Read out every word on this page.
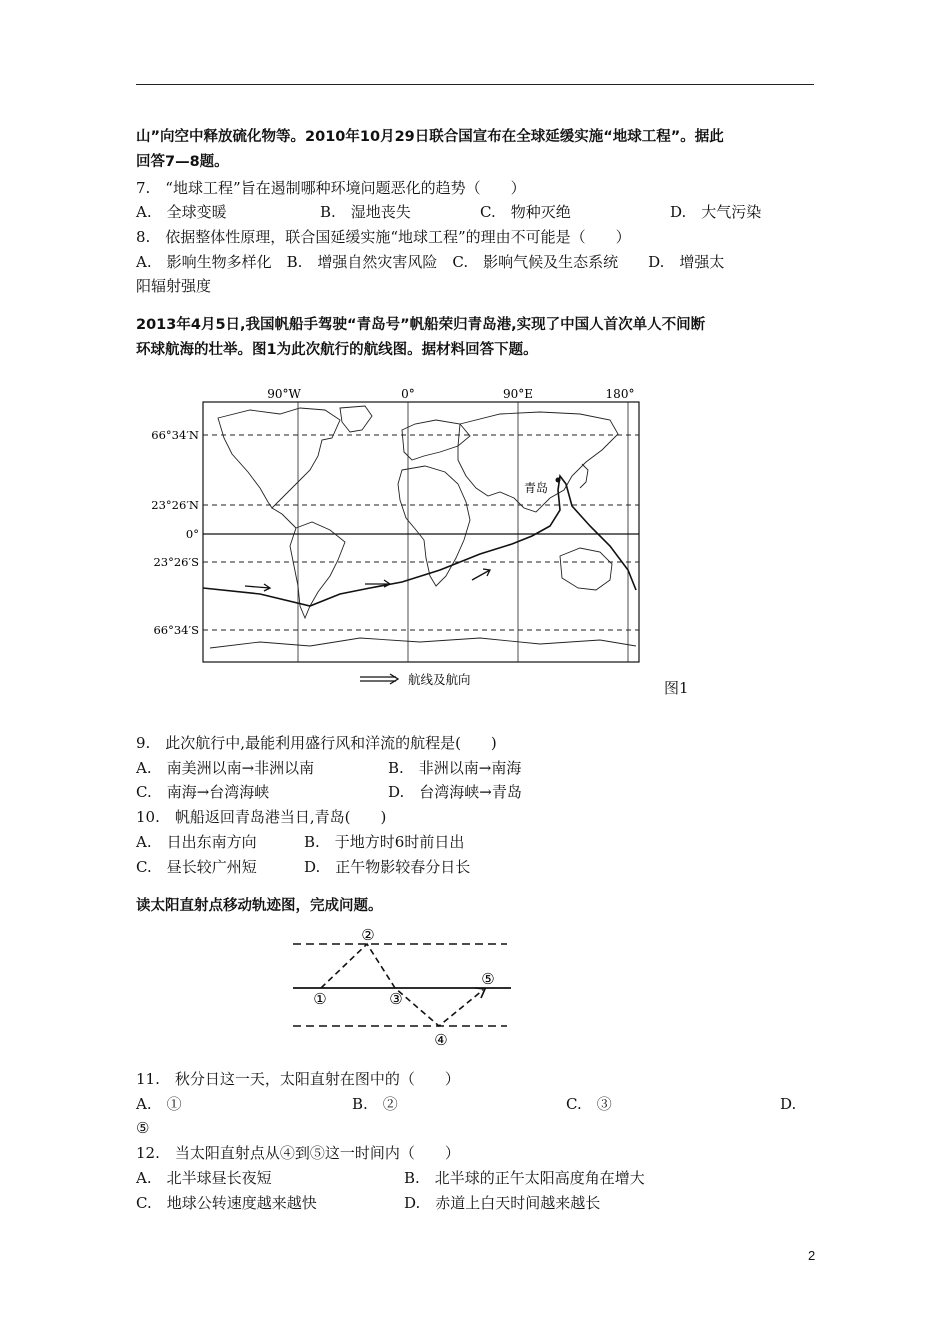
山”向空中释放硫化物等。2010年10月29日联合国宣布在全球延缓实施“地球工程”。据此
回答7—8题。
7.　“地球工程”旨在遏制哪种环境问题恶化的趋势（　　）
A.　全球变暖	B.　湿地丧失	C.　物种灭绝	D.　大气污染
8.　依据整体性原理，联合国延缓实施“地球工程”的理由不可能是（　　）
A.　影响生物多样化　B.　增强自然灾害风险　C.　影响气候及生态系统　　D.　增强太
阳辐射强度
2013年4月5日,我国帆船手驾驶“青岛号”帆船荣归青岛港,实现了中国人首次单人不间断
环球航海的壮举。图1为此次航行的航线图。据材料回答下题。
90°W	0°	90°E	180°
66°34′N
23°26′N
0°
23°26′S
66°34′S
青岛
航线及航向	图1
9.　此次航行中,最能利用盛行风和洋流的航程是(　　)
A.　南美洲以南→非洲以南	B.　非洲以南→南海
C.　南海→台湾海峡	D.　台湾海峡→青岛
10.　帆船返回青岛港当日,青岛(　　)
A.　日出东南方向	B.　于地方时6时前日出
C.　昼长较广州短	D.　正午物影较春分日长
读太阳直射点移动轨迹图，完成问题。
①
②
③
④
⑤
11.　秋分日这一天，太阳直射在图中的（　　）
A.　①	B.　②	C.　③	D.
⑤
12.　当太阳直射点从④到⑤这一时间内（　　）
A.　北半球昼长夜短	B.　北半球的正午太阳高度角在增大
C.　地球公转速度越来越快	D.　赤道上白天时间越来越长
2
